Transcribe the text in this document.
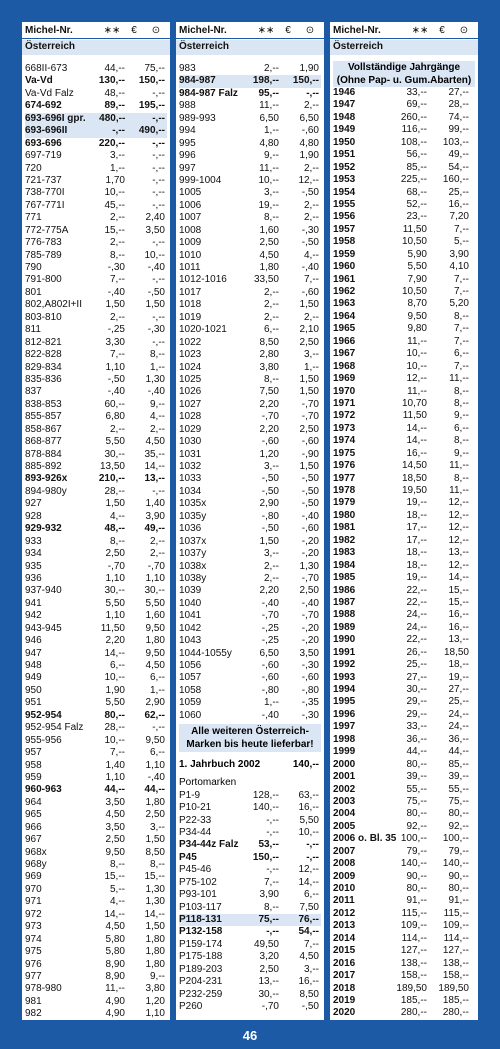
Michel-Nr.	∗∗	€	⊙
Österreich
668II-673	44,--	75,--
Va-Vd	130,--	150,--
Va-Vd Falz	48,--	-,--
674-692	89,--	195,--
693-696I gpr.	480,--	-,--
693-696II	-,--	490,--
693-696	220,--	-,--
697-719	3,--	-,--
720	1,--	-,--
721-737	1,70	-,--
738-770I	10,--	-,--
767-771I	45,--	-,--
771	2,--	2,40
772-775A	15,--	3,50
776-783	2,--	-,--
785-789	8,--	10,--
790	-,30	-,40
791-800	7,--	-,--
801	-,40	-,50
802,A802I+II	1,50	1,50
803-810	2,--	-,--
811	-,25	-,30
812-821	3,30	-,--
822-828	7,--	8,--
829-834	1,10	1,--
835-836	-,50	1,30
837	-,40	-,40
838-853	60,--	9,--
855-857	6,80	4,--
858-867	2,--	2,--
868-877	5,50	4,50
878-884	30,--	35,--
885-892	13,50	14,--
893-926x	210,--	13,--
894-980y	28,--	-,--
927	1,50	1,40
928	4,--	3,90
929-932	48,--	49,--
933	8,--	2,--
934	2,50	2,--
935	-,70	-,70
936	1,10	1,10
937-940	30,--	30,--
941	5,50	5,50
942	1,10	1,60
943-945	11,50	9,50
946	2,20	1,80
947	14,--	9,50
948	6,--	4,50
949	10,--	6,--
950	1,90	1,--
951	5,50	2,90
952-954	80,--	62,--
952-954 Falz	28,--	-,--
955-956	10,--	9,50
957	7,--	6,--
958	1,40	1,10
959	1,10	-,40
960-963	44,--	44,--
964	3,50	1,80
965	4,50	2,50
966	3,50	3,--
967	2,50	1,50
968x	9,50	8,50
968y	8,--	8,--
969	15,--	15,--
970	5,--	1,30
971	4,--	1,30
972	14,--	14,--
973	4,50	1,50
974	5,80	1,80
975	5,80	1,80
976	8,90	1,80
977	8,90	9,--
978-980	11,--	3,80
981	4,90	1,20
982	4,90	1,10
Michel-Nr.	∗∗	€	⊙
Österreich
983	2,--	1,90
984-987	198,--	150,--
984-987 Falz	95,--	-,--
988	11,--	2,--
989-993	6,50	6,50
994	1,--	-,60
995	4,80	4,80
996	9,--	1,90
997	11,--	2,--
999-1004	10,--	12,--
1005	3,--	-,50
1006	19,--	2,--
1007	8,--	2,--
1008	1,60	-,30
1009	2,50	-,50
1010	4,50	4,--
1011	1,80	-,40
1012-1016	33,50	7,--
1017	2,--	-,60
1018	2,--	1,50
1019	2,--	2,--
1020-1021	6,--	2,10
1022	8,50	2,50
1023	2,80	3,--
1024	3,80	1,--
1025	8,--	1,50
1026	7,50	1,50
1027	2,20	-,70
1028	-,70	-,70
1029	2,20	2,50
1030	-,60	-,60
1031	1,20	-,90
1032	3,--	1,50
1033	-,50	-,50
1034	-,50	-,50
1035x	2,90	-,50
1035y	-,80	-,40
1036	-,50	-,60
1037x	1,50	-,20
1037y	3,--	-,20
1038x	2,--	1,30
1038y	2,--	-,70
1039	2,20	2,50
1040	-,40	-,40
1041	-,70	-,70
1042	-,25	-,20
1043	-,25	-,20
1044-1055y	6,50	3,50
1056	-,60	-,30
1057	-,60	-,60
1058	-,80	-,80
1059	1,--	-,35
1060	-,40	-,30
Alle weiteren Österreich-Marken bis heute lieferbar!
1. Jahrbuch 2002	140,--
Portomarken
P1-9	128,--	63,--
P10-21	140,--	16,--
P22-33	-,--	5,50
P34-44	-,--	10,--
P34-44z Falz	53,--	-,--
P45	150,--	-,--
P45-46	-,--	12,--
P75-102	7,--	14,--
P93-101	3,90	6,--
P103-117	8,--	7,50
P118-131	75,--	76,--
P132-158	-,--	54,--
P159-174	49,50	7,--
P175-188	3,20	4,50
P189-203	2,50	3,--
P204-231	13,--	16,--
P232-259	30,--	8,50
P260	-,70	-,50
Michel-Nr.	∗∗	€	⊙
Österreich
Vollständige Jahrgänge (Ohne Pap- u. Gum.Abarten)
1946	33,--	27,--
1947	69,--	28,--
1948	260,--	74,--
1949	116,--	99,--
1950	108,--	103,--
1951	56,--	49,--
1952	85,--	54,--
1953	225,--	160,--
1954	68,--	25,--
1955	52,--	16,--
1956	23,--	7,20
1957	11,50	7,--
1958	10,50	5,--
1959	5,90	3,90
1960	5,50	4,10
1961	7,90	7,--
1962	10,50	7,--
1963	8,70	5,20
1964	9,50	8,--
1965	9,80	7,--
1966	11,--	7,--
1967	10,--	6,--
1968	10,--	7,--
1969	12,--	11,--
1970	11,--	8,--
1971	10,70	8,--
1972	11,50	9,--
1973	14,--	6,--
1974	14,--	8,--
1975	16,--	9,--
1976	14,50	11,--
1977	18,50	8,--
1978	19,50	11,--
1979	19,--	12,--
1980	18,--	12,--
1981	17,--	12,--
1982	17,--	12,--
1983	18,--	13,--
1984	18,--	12,--
1985	19,--	14,--
1986	22,--	15,--
1987	22,--	15,--
1988	24,--	16,--
1989	24,--	16,--
1990	22,--	13,--
1991	26,--	18,50
1992	25,--	18,--
1993	27,--	19,--
1994	30,--	27,--
1995	29,--	25,--
1996	29,--	24,--
1997	33,--	24,--
1998	36,--	36,--
1999	44,--	44,--
2000	80,--	85,--
2001	39,--	39,--
2002	55,--	55,--
2003	75,--	75,--
2004	80,--	80,--
2005	92,--	92,--
2006 o. Bl. 35 100,--	100,--
2007	79,--	79,--
2008	140,--	140,--
2009	90,--	90,--
2010	80,--	80,--
2011	91,--	91,--
2012	115,--	115,--
2013	109,--	109,--
2014	114,--	114,--
2015	127,--	127,--
2016	138,--	138,--
2017	158,--	158,--
2018	189,50	189,50
2019	185,--	185,--
2020	280,--	280,--
46
